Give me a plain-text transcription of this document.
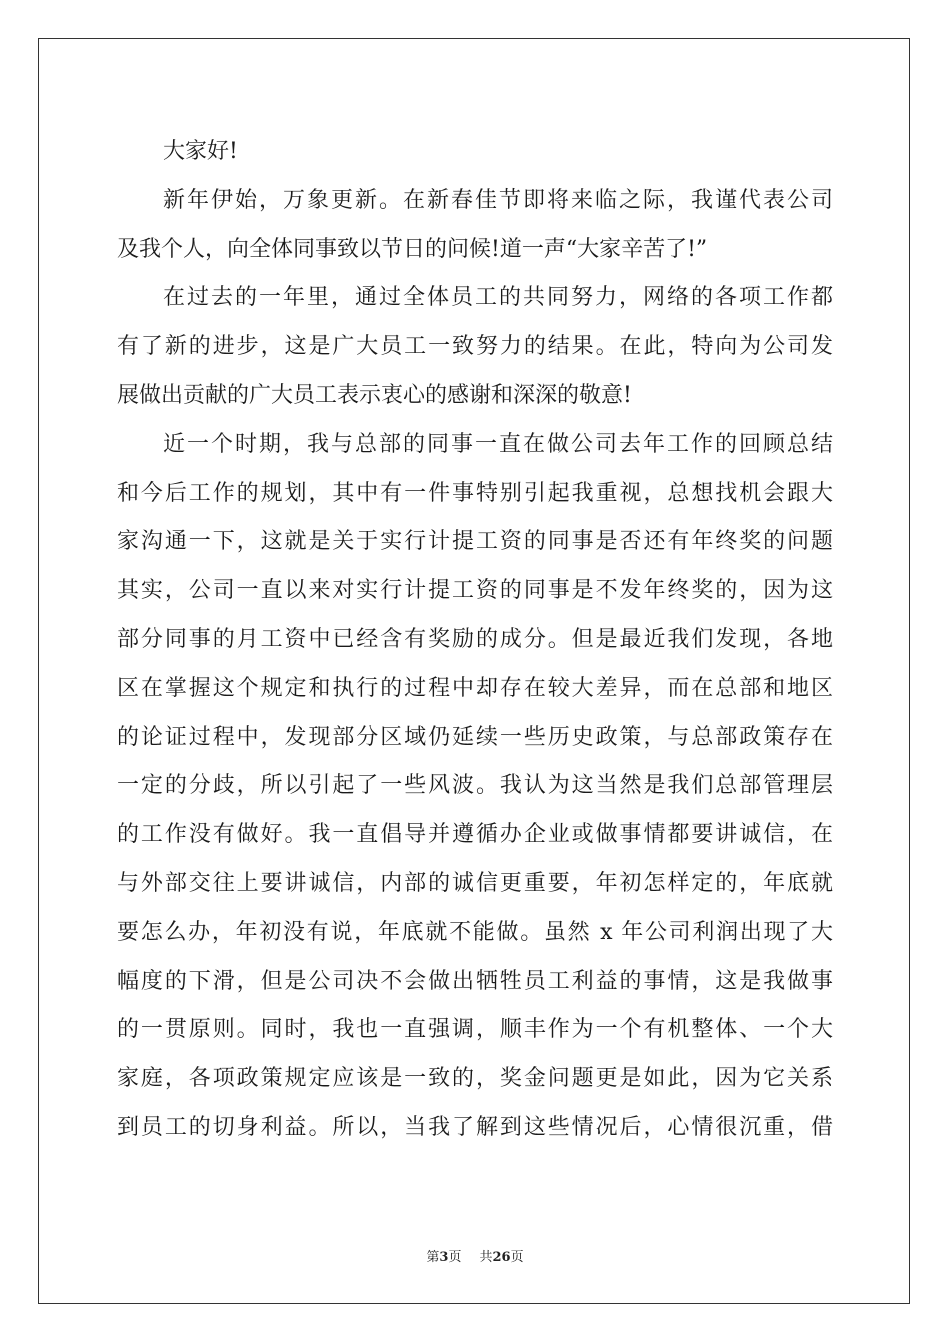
大家好!
新年伊始，万象更新。在新春佳节即将来临之际，我谨代表公司
及我个人，向全体同事致以节日的问候!道一声“大家辛苦了!”
在过去的一年里，通过全体员工的共同努力，网络的各项工作都
有了新的进步，这是广大员工一致努力的结果。在此，特向为公司发
展做出贡献的广大员工表示衷心的感谢和深深的敬意!
近一个时期，我与总部的同事一直在做公司去年工作的回顾总结
和今后工作的规划，其中有一件事特别引起我重视，总想找机会跟大
家沟通一下，这就是关于实行计提工资的同事是否还有年终奖的问题
其实，公司一直以来对实行计提工资的同事是不发年终奖的，因为这
部分同事的月工资中已经含有奖励的成分。但是最近我们发现，各地
区在掌握这个规定和执行的过程中却存在较大差异，而在总部和地区
的论证过程中，发现部分区域仍延续一些历史政策，与总部政策存在
一定的分歧，所以引起了一些风波。我认为这当然是我们总部管理层
的工作没有做好。我一直倡导并遵循办企业或做事情都要讲诚信，在
与外部交往上要讲诚信，内部的诚信更重要，年初怎样定的，年底就
要怎么办，年初没有说，年底就不能做。虽然 x 年公司利润出现了大
幅度的下滑，但是公司决不会做出牺牲员工利益的事情，这是我做事
的一贯原则。同时，我也一直强调，顺丰作为一个有机整体、一个大
家庭，各项政策规定应该是一致的，奖金问题更是如此，因为它关系
到员工的切身利益。所以，当我了解到这些情况后，心情很沉重，借
第3页 共26页
